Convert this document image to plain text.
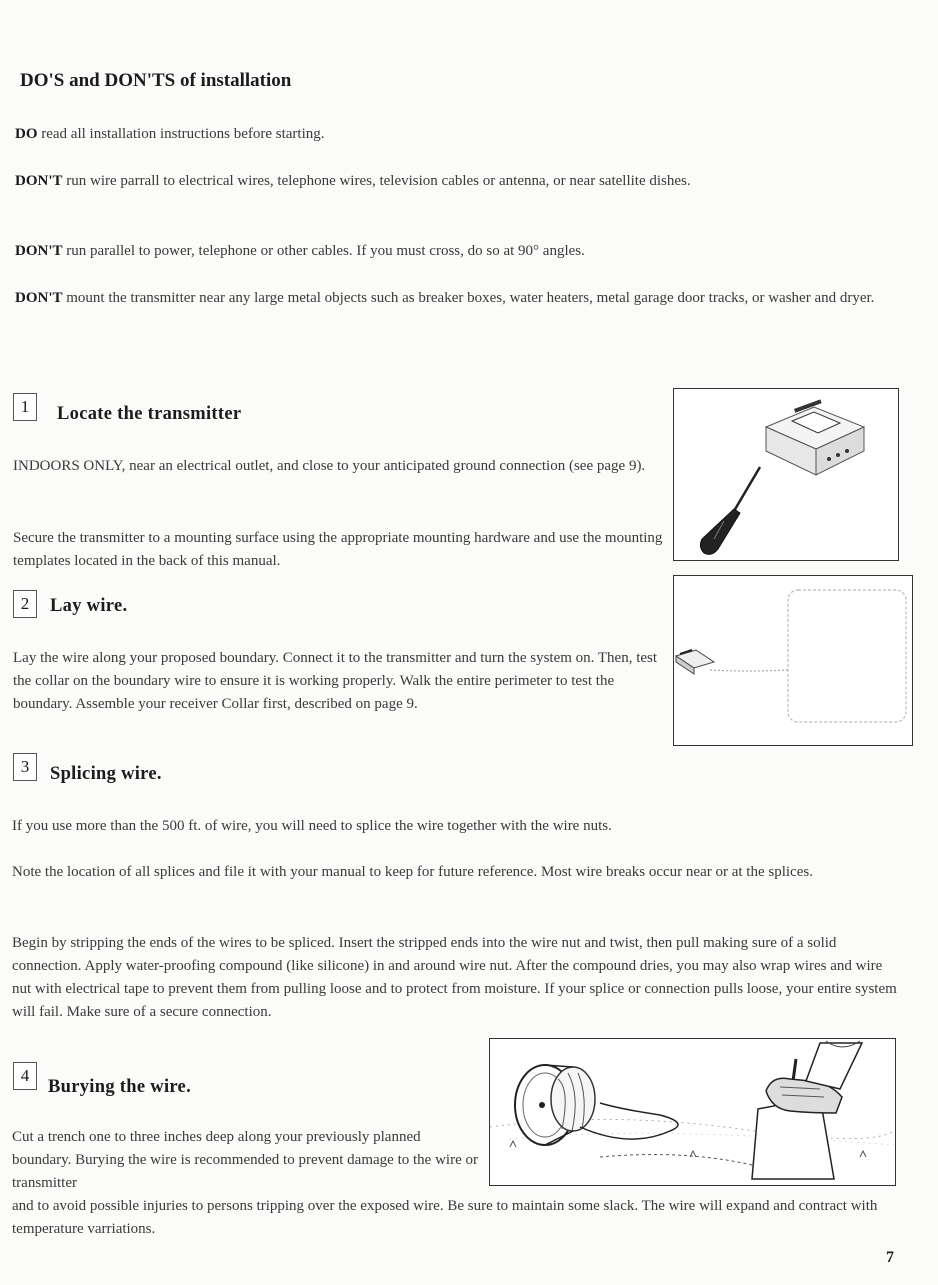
DO'S and DON'TS of installation
DO read all installation instructions before starting.
DON'T run wire parrall to electrical wires, telephone wires, television cables or antenna, or near satellite dishes.
DON'T run parallel to power, telephone or other cables. If you must cross, do so at 90° angles.
DON'T mount the transmitter near any large metal objects such as breaker boxes, water heaters, metal garage door tracks, or washer and dryer.
1	Locate the transmitter
INDOORS ONLY, near an electrical outlet, and close to your anticipated ground connection (see page 9).
Secure the transmitter to a mounting surface using the appropriate mounting hardware and use the mounting templates located in the back of this manual.
2	Lay wire.
Lay the wire along your proposed boundary. Connect it to the transmitter and turn the system on. Then, test the collar on the boundary wire to ensure it is working properly. Walk the entire perimeter to test the boundary. Assemble your receiver Collar first, described on page 9.
3	Splicing wire.
If you use more than the 500 ft. of wire, you will need to splice the wire together with the wire nuts.
Note the location of all splices and file it with your manual to keep for future reference. Most wire breaks occur near or at the splices.
Begin by stripping the ends of the wires to be spliced. Insert the stripped ends into the wire nut and twist, then pull making sure of a solid connection. Apply water-proofing compound (like silicone) in and around wire nut. After the compound dries, you may also wrap wires and wire nut with electrical tape to prevent them from pulling loose and to protect from moisture. If your splice or connection pulls loose, your entire system will fail. Make sure of a secure connection.
4
Burying the wire.
Cut a trench one to three inches deep along your previously planned boundary. Burying the wire is recommended to prevent damage to the wire or transmitter
and to avoid possible injuries to persons tripping over the exposed wire. Be sure to maintain some slack. The wire will expand and contract with temperature varriations.
7
